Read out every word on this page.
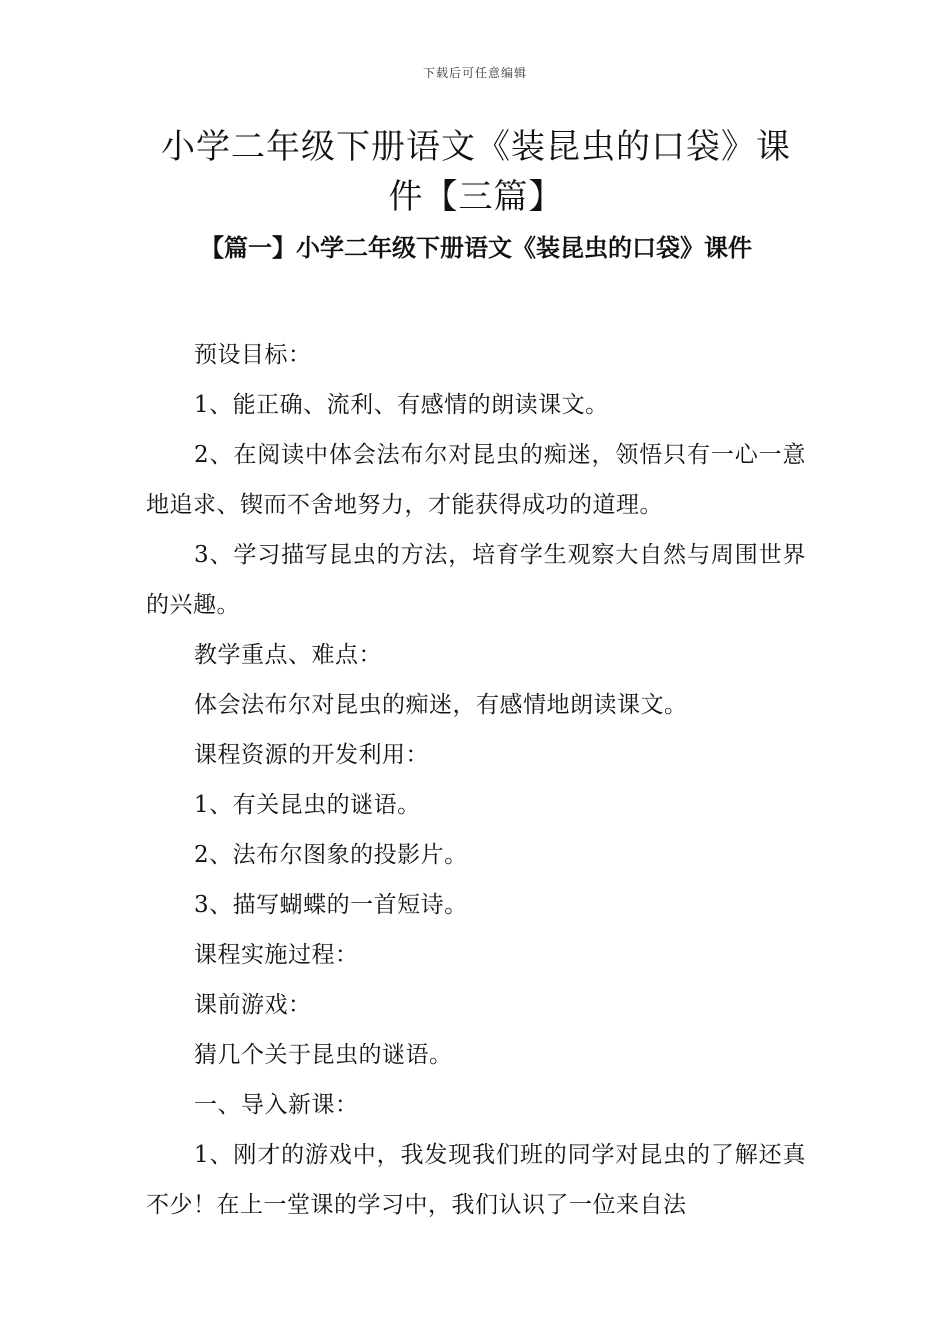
下载后可任意编辑
小学二年级下册语文《装昆虫的口袋》课件【三篇】
【篇一】小学二年级下册语文《装昆虫的口袋》课件

预设目标：

1、能正确、流利、有感情的朗读课文。

2、在阅读中体会法布尔对昆虫的痴迷，领悟只有一心一意地追求、锲而不舍地努力，才能获得成功的道理。

3、学习描写昆虫的方法，培育学生观察大自然与周围世界的兴趣。

教学重点、难点：

体会法布尔对昆虫的痴迷，有感情地朗读课文。

课程资源的开发利用：

1、有关昆虫的谜语。

2、法布尔图象的投影片。

3、描写蝴蝶的一首短诗。

课程实施过程：

课前游戏：

猜几个关于昆虫的谜语。

一、导入新课：

1、刚才的游戏中，我发现我们班的同学对昆虫的了解还真不少！在上一堂课的学习中，我们认识了一位来自法
